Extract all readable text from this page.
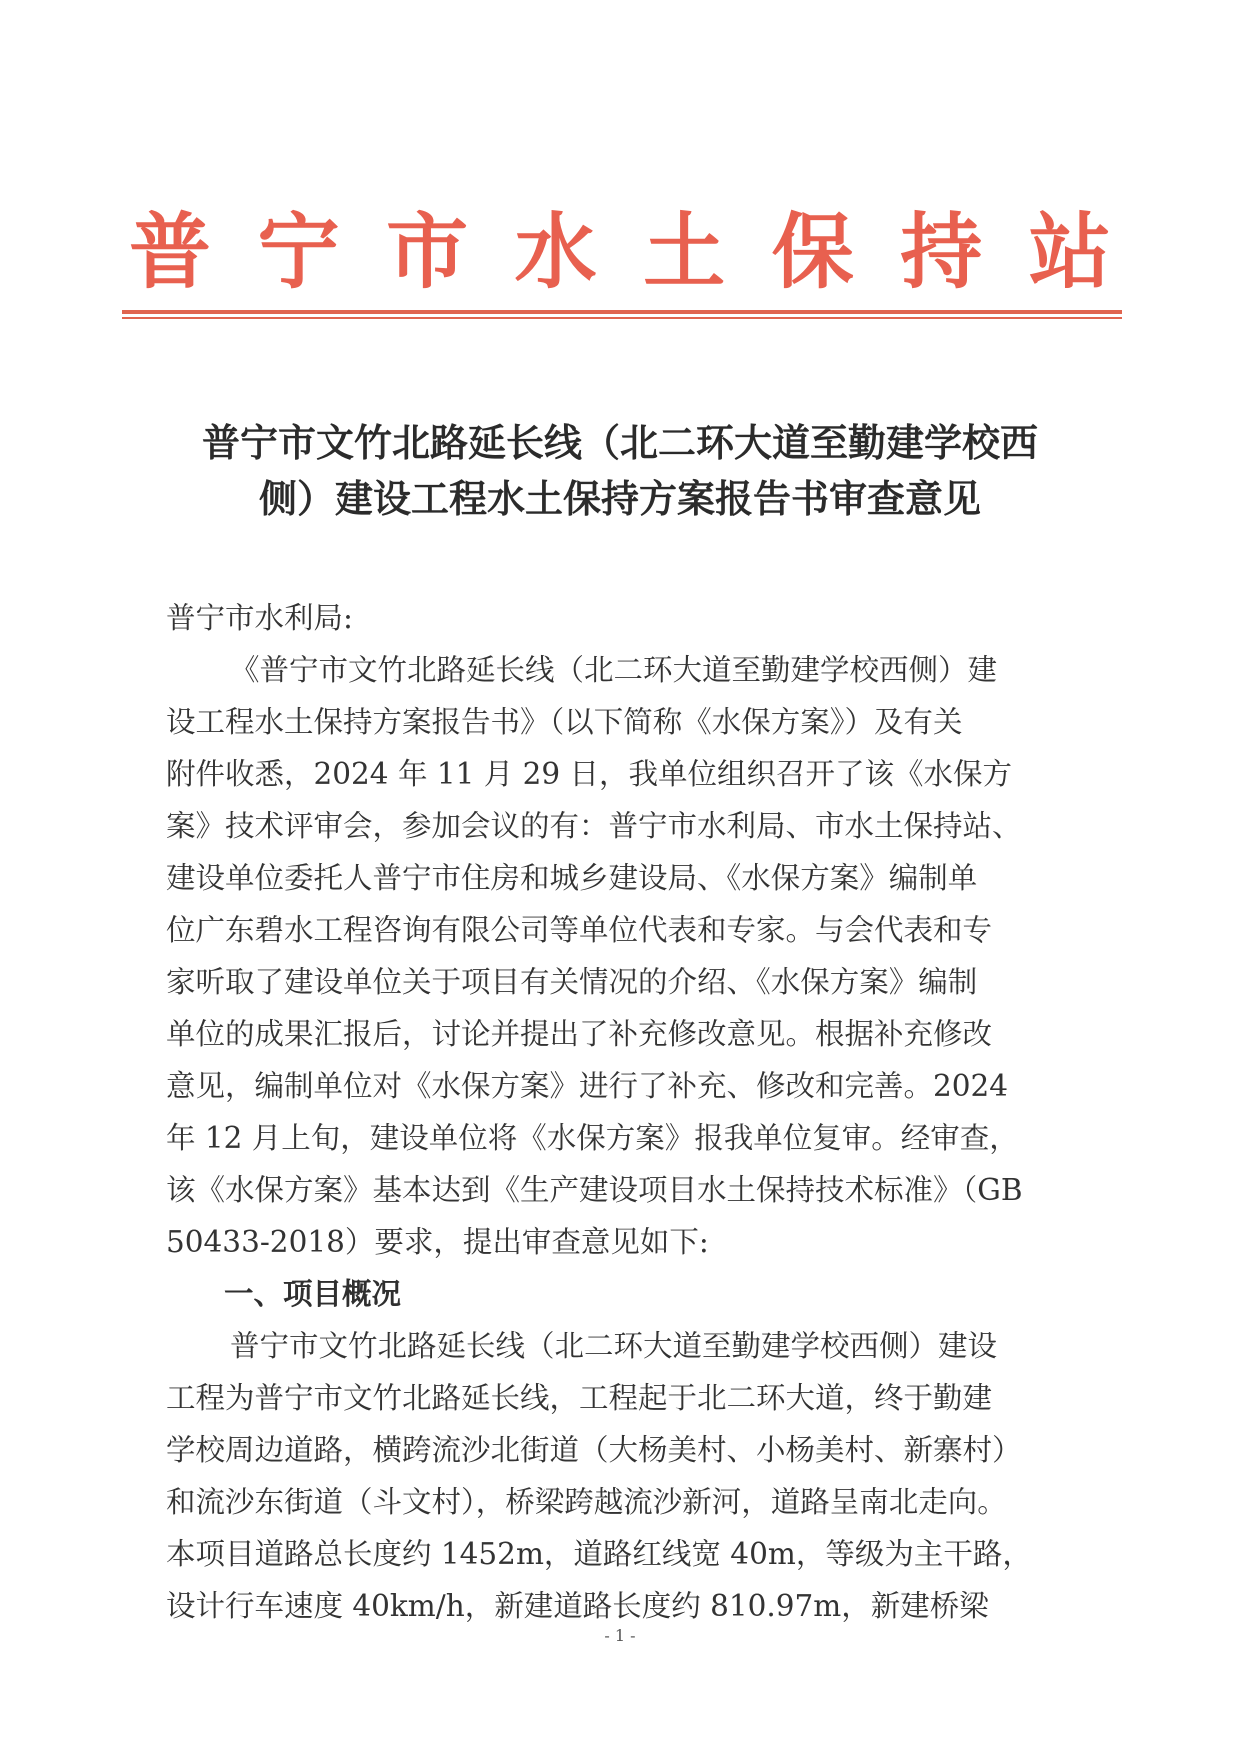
普 宁 市 水 土 保 持 站
普宁市文竹北路延长线（北二环大道至勤建学校西
侧）建设工程水土保持方案报告书审查意见
普宁市水利局:
《普宁市文竹北路延长线（北二环大道至勤建学校西侧）建
设工程水土保持方案报告书》（以下简称《水保方案》）及有关
附件收悉，2024 年 11 月 29 日，我单位组织召开了该《水保方
案》技术评审会，参加会议的有：普宁市水利局、市水土保持站、
建设单位委托人普宁市住房和城乡建设局、《水保方案》编制单
位广东碧水工程咨询有限公司等单位代表和专家。与会代表和专
家听取了建设单位关于项目有关情况的介绍、《水保方案》编制
单位的成果汇报后，讨论并提出了补充修改意见。根据补充修改
意见，编制单位对《水保方案》进行了补充、修改和完善。2024
年 12 月上旬，建设单位将《水保方案》报我单位复审。经审查，
该《水保方案》基本达到《生产建设项目水土保持技术标准》（GB
50433-2018）要求，提出审查意见如下:
一、项目概况
普宁市文竹北路延长线（北二环大道至勤建学校西侧）建设
工程为普宁市文竹北路延长线，工程起于北二环大道，终于勤建
学校周边道路，横跨流沙北街道（大杨美村、小杨美村、新寨村）
和流沙东街道（斗文村），桥梁跨越流沙新河，道路呈南北走向。
本项目道路总长度约 1452m，道路红线宽 40m，等级为主干路，
设计行车速度 40km/h，新建道路长度约 810.97m，新建桥梁
- 1 -
